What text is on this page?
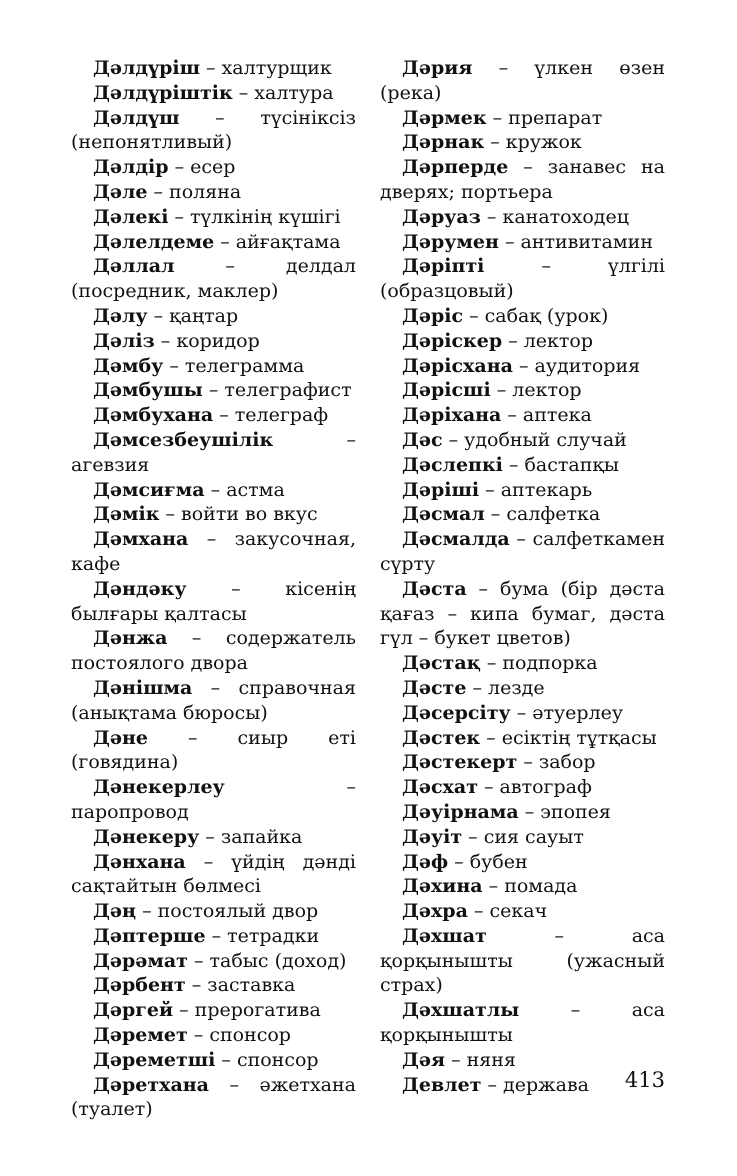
Дәлдүріш – халтурщик

Дәлдүріштік – халтура

Дәлдүш – түсініксіз (непонятливый)

Дәлдір – есер

Дәле – поляна

Дәлекі – түлкінің күшігі

Дәлелдеме – айғақтама

Дәллал – делдал (посредник, маклер)

Дәлу – қаңтар

Дәліз – коридор

Дәмбу – телеграмма

Дәмбушы – телеграфист

Дәмбухана – телеграф

Дәмсезбеушілік – агевзия

Дәмсиғма – астма

Дәмік – войти во вкус

Дәмхана – закусочная, кафе

Дәндәку – кісенің былғары қалтасы

Дәнжа – содержатель постоялого двора

Дәнішма – справочная (анықтама бюросы)

Дәне – сиыр еті (говядина)

Дәнекерлеу – паропровод

Дәнекеру – запайка

Дәнхана – үйдің дәнді сақтайтын бөлмесі

Дәң – постоялый двор

Дәптерше – тетрадки

Дәрәмат – табыс (доход)

Дәрбент – заставка

Дәргей – прерогатива

Дәремет – спонсор

Дәреметші – спонсор

Дәретхана – әжетхана (туалет)

Дәрия – үлкен өзен (река)

Дәрмек – препарат

Дәрнак – кружок

Дәрперде – занавес на дверях; портьера

Дәруаз – канатоходец

Дәрумен – антивитамин

Дәріпті – үлгілі (образцовый)

Дәріс – сабақ (урок)

Дәріскер – лектор

Дәрісхана – аудитория

Дәрісші – лектор

Дәріхана – аптека

Дәс – удобный случай

Дәслепкі – бастапқы

Дәріші – аптекарь

Дәсмал – салфетка

Дәсмалда – салфеткамен сүрту

Дәста – бума (бір дәста қағаз – кипа бумаг, дәста гүл – букет цветов)

Дәстақ – подпорка

Дәсте – лезде

Дәсерсіту – әтуерлеу

Дәстек – есіктің тұтқасы

Дәстекерт – забор

Дәсхат – автограф

Дәуірнама – эпопея

Дәуіт – сия сауыт

Дәф – бубен

Дәхина – помада

Дәхра – секач

Дәхшат – аса қорқынышты (ужасный страх)

Дәхшатлы – аса қорқынышты

Дәя – няня

Девлет – держава	413
